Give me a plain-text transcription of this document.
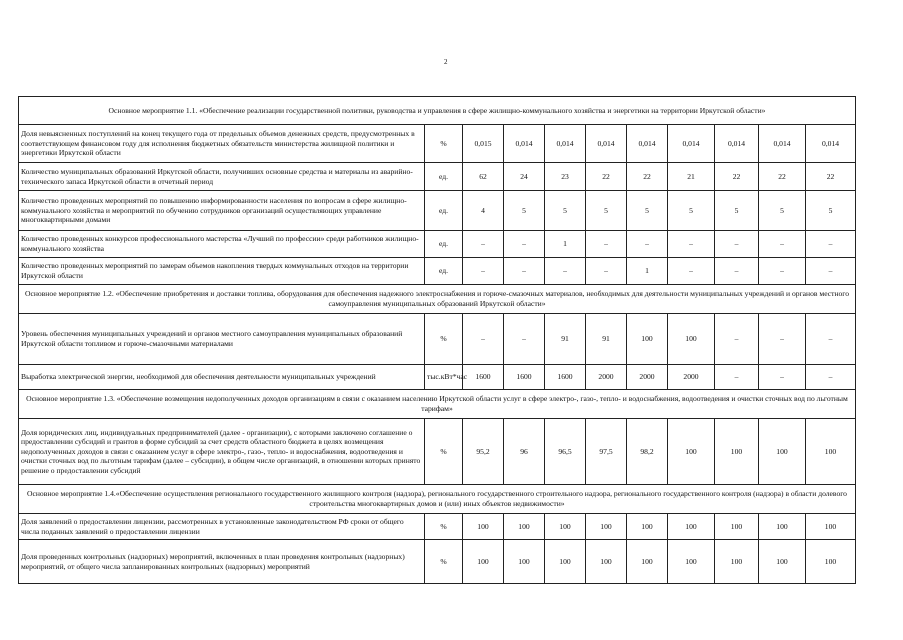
2
Основное мероприятие 1.1. «Обеспечение реализации государственной политики, руководства и управления в сфере жилищно-коммунального хозяйства и энергетики на территории Иркутской области»										
Доля невыясненных поступлений на конец текущего года от предельных объемов денежных средств, предусмотренных в соответствующем финансовом году для исполнения бюджетных обязательств министерства жилищной политики и энергетики Иркутской области	%	0,015	0,014	0,014	0,014	0,014	0,014	0,014	0,014	0,014
Количество муниципальных образований Иркутской области, получивших основные средства и материалы из аварийно-технического запаса Иркутской области в отчетный период	ед.	62	24	23	22	22	21	22	22	22
Количество проведенных мероприятий по повышению информированности населения по вопросам в сфере жилищно-коммунального хозяйства и мероприятий по обучению сотрудников организаций осуществляющих управление многоквартирными домами	ед.	4	5	5	5	5	5	5	5	5
Количество проведенных конкурсов профессионального мастерства «Лучший по профессии» среди работников жилищно-коммунального хозяйства	ед.	–	–	1	–	–	–	–	–	–
Количество проведенных мероприятий по замерам объемов накопления твердых коммунальных отходов на территории Иркутской области	ед.	–	–	–	–	1	–	–	–	–
Основное мероприятие 1.2. «Обеспечение приобретения и доставки топлива, оборудования для обеспечения надежного электроснабжения и горюче-смазочных материалов, необходимых для деятельности муниципальных учреждений и органов местного самоуправления муниципальных образований Иркутской области»										
Уровень обеспечения муниципальных учреждений и органов местного самоуправления муниципальных образований Иркутской области топливом и горюче-смазочными материалами	%	–	–	91	91	100	100	–	–	–
Выработка электрической энергии, необходимой для обеспечения деятельности муниципальных учреждений	тыс.кВт*час	1600	1600	1600	2000	2000	2000	–	–	–
Основное мероприятие 1.3. «Обеспечение возмещения недополученных доходов организациям в связи с оказанием населению Иркутской области услуг в сфере электро-, газо-, тепло- и водоснабжения, водоотведения и очистки сточных вод по льготным тарифам»										
Доля юридических лиц, индивидуальных предпринимателей (далее - организации), с которыми заключено соглашение о предоставлении субсидий и грантов в форме субсидий за счет средств областного бюджета в целях возмещения недополученных доходов в связи с оказанием услуг в сфере электро-, газо-, тепло- и водоснабжения, водоотведения и очистки сточных вод по льготным тарифам (далее – субсидии), в общем числе организаций, в отношении которых принято решение о предоставлении субсидий	%	95,2	96	96,5	97,5	98,2	100	100	100	100
Основное мероприятие 1.4.«Обеспечение осуществления регионального государственного жилищного контроля (надзора), регионального государственного строительного надзора, регионального государственного контроля (надзора) в области долевого строительства многоквартирных домов и (или) иных объектов недвижимости»										
Доля заявлений о предоставлении лицензии, рассмотренных в установленные законодательством РФ сроки от общего числа поданных заявлений о предоставлении лицензии	%	100	100	100	100	100	100	100	100	100
Доля проведенных контрольных (надзорных) мероприятий, включенных в план проведения контрольных (надзорных) мероприятий, от общего числа запланированных контрольных (надзорных) мероприятий	%	100	100	100	100	100	100	100	100	100
